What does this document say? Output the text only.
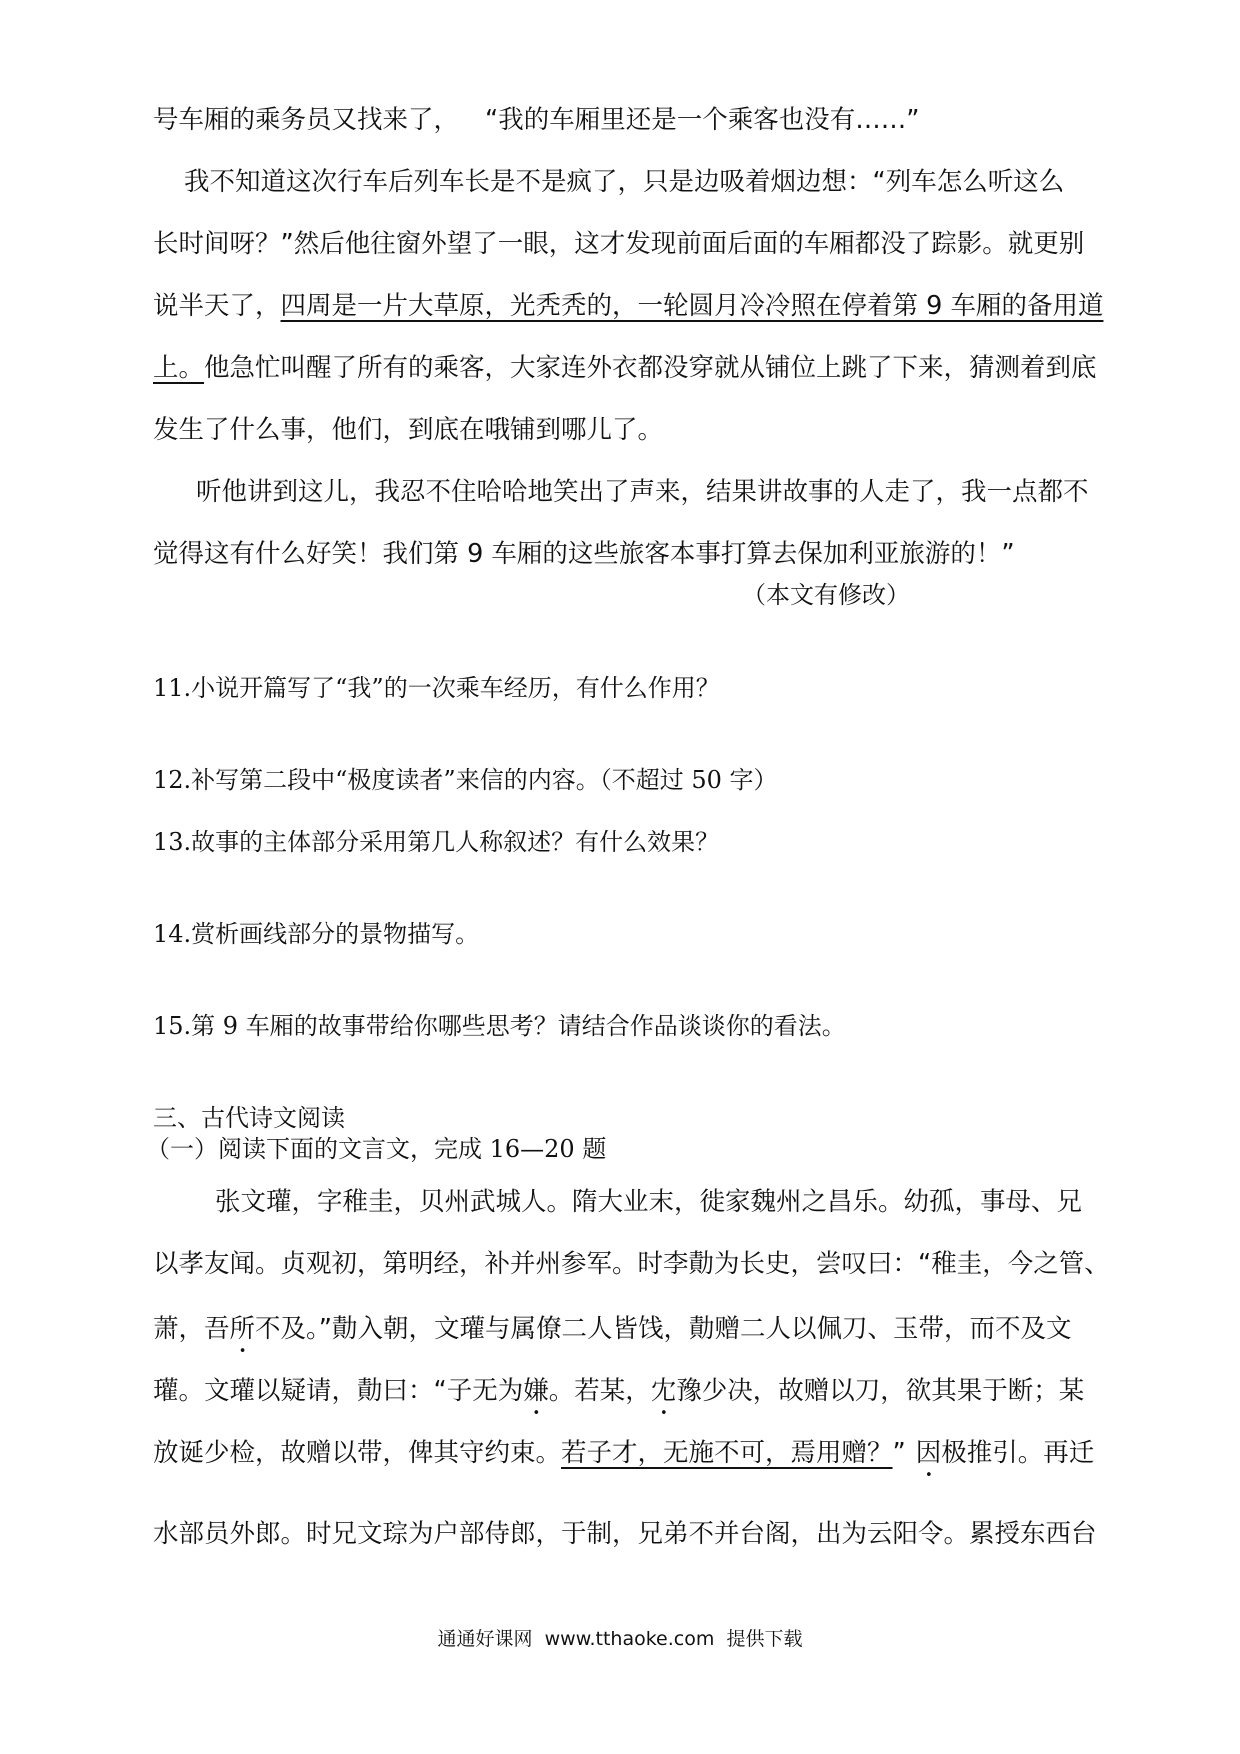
号车厢的乘务员又找来了， “我的车厢里还是一个乘客也没有……”
我不知道这次行车后列车长是不是疯了，只是边吸着烟边想：“列车怎么听这么
长时间呀？”然后他往窗外望了一眼，这才发现前面后面的车厢都没了踪影。就更别
说半天了，四周是一片大草原，光秃秃的，一轮圆月冷冷照在停着第 9 车厢的备用道
上。他急忙叫醒了所有的乘客，大家连外衣都没穿就从铺位上跳了下来，猜测着到底
发生了什么事，他们，到底在哦铺到哪儿了。
听他讲到这儿，我忍不住哈哈地笑出了声来，结果讲故事的人走了，我一点都不
觉得这有什么好笑！我们第 9 车厢的这些旅客本事打算去保加利亚旅游的！”
（本文有修改）
11.小说开篇写了“我”的一次乘车经历，有什么作用？
12.补写第二段中“极度读者”来信的内容。（不超过 50 字）
13.故事的主体部分采用第几人称叙述？有什么效果？
14.赏析画线部分的景物描写。
15.第 9 车厢的故事带给你哪些思考？请结合作品谈谈你的看法。
三、古代诗文阅读
（一）阅读下面的文言文，完成 16—20 题
张文瓘，字稚圭，贝州武城人。隋大业末，徙家魏州之昌乐。幼孤，事母、兄
以孝友闻。贞观初，第明经，补并州参军。时李勣为长史，尝叹曰：“稚圭，今之管、
萧，吾所不及。”勣入朝，文瓘与属僚二人皆饯，勣赠二人以佩刀、玉带，而不及文
瓘。文瓘以疑请，勣曰：“子无为嫌。若某，冘豫少决，故赠以刀，欲其果于断；某
放诞少检，故赠以带，俾其守约束。若子才，无施不可，焉用赠？” 因极推引。再迁
水部员外郎。时兄文琮为户部侍郎，于制，兄弟不并台阁，出为云阳令。累授东西台
通通好课网  www.tthaoke.com  提供下载
